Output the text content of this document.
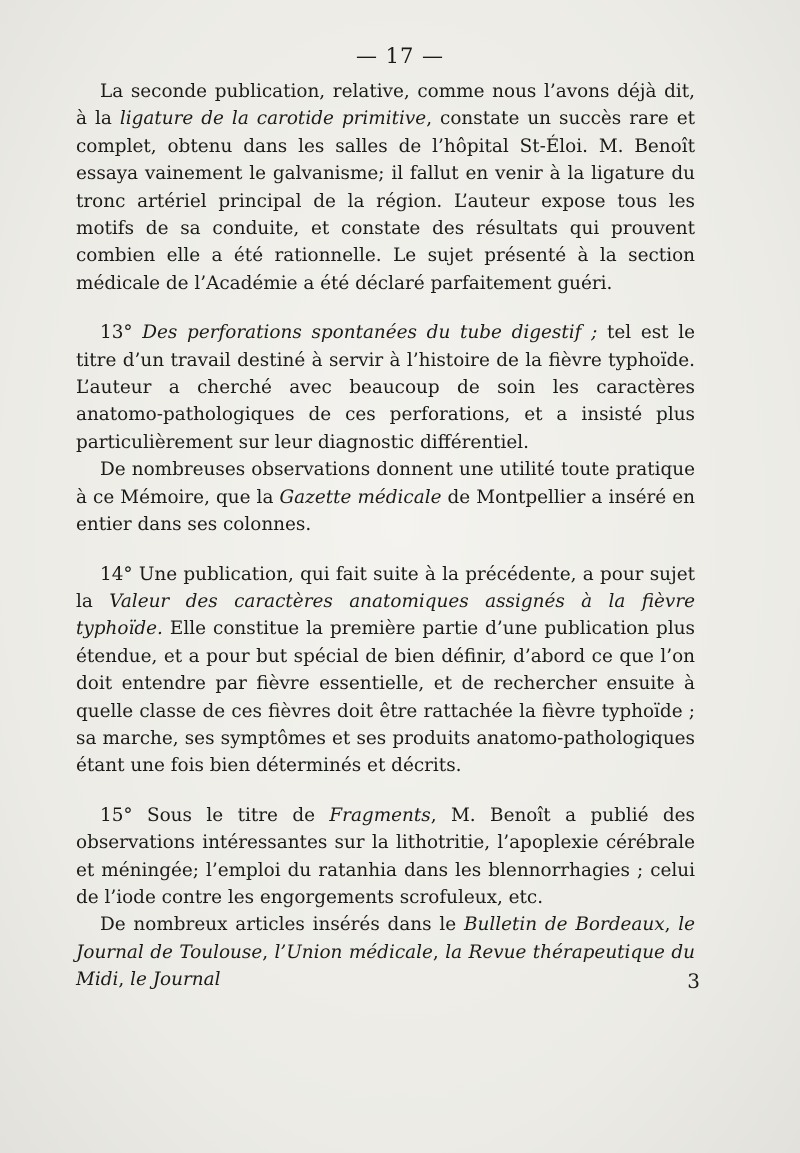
— 17 —

La seconde publication, relative, comme nous l’avons déjà dit, à la ligature de la carotide primitive, constate un succès rare et complet, obtenu dans les salles de l’hôpital St-Éloi. M. Benoît essaya vainement le galvanisme; il fallut en venir à la ligature du tronc artériel principal de la région. L’auteur expose tous les motifs de sa conduite, et constate des résultats qui prouvent combien elle a été rationnelle. Le sujet présenté à la section médicale de l’Académie a été déclaré parfaitement guéri.

13° Des perforations spontanées du tube digestif ; tel est le titre d’un travail destiné à servir à l’histoire de la fièvre typhoïde. L’auteur a cherché avec beaucoup de soin les caractères anatomo-pathologiques de ces perforations, et a insisté plus particulièrement sur leur diagnostic différentiel.

De nombreuses observations donnent une utilité toute pratique à ce Mémoire, que la Gazette médicale de Montpellier a inséré en entier dans ses colonnes.

14° Une publication, qui fait suite à la précédente, a pour sujet la Valeur des caractères anatomiques assignés à la fièvre typhoïde. Elle constitue la première partie d’une publication plus étendue, et a pour but spécial de bien définir, d’abord ce que l’on doit entendre par fièvre essentielle, et de rechercher ensuite à quelle classe de ces fièvres doit être rattachée la fièvre typhoïde ; sa marche, ses symptômes et ses produits anatomo-pathologiques étant une fois bien déterminés et décrits.

15° Sous le titre de Fragments, M. Benoît a publié des observations intéressantes sur la lithotritie, l’apoplexie cérébrale et méningée; l’emploi du ratanhia dans les blennorrhagies ; celui de l’iode contre les engorgements scrofuleux, etc.

De nombreux articles insérés dans le Bulletin de Bordeaux, le Journal de Toulouse, l’Union médicale, la Revue thérapeutique du Midi, le Journal	3
